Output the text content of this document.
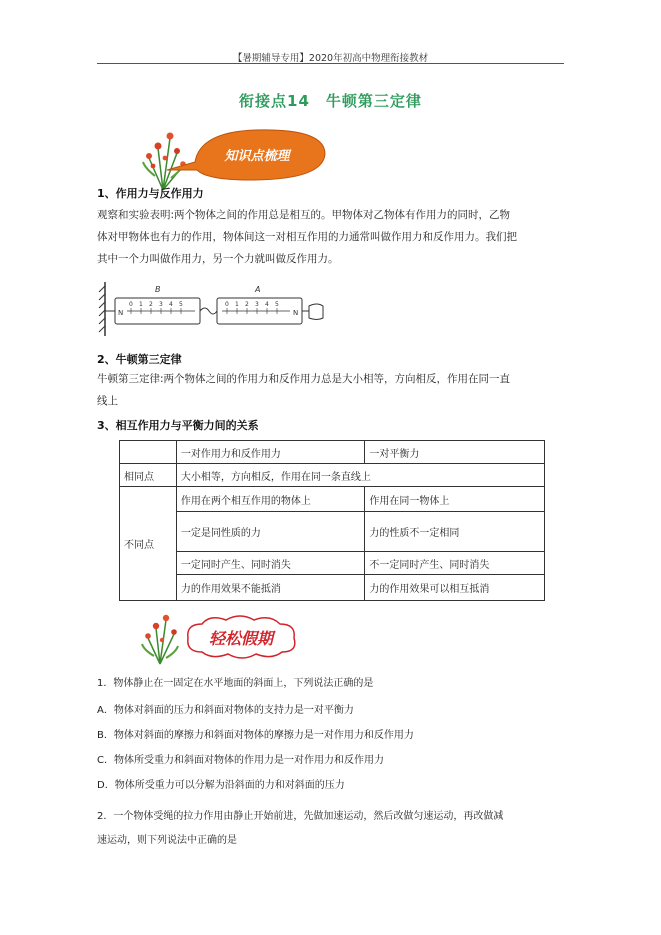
【暑期辅导专用】2020年初高中物理衔接教材
衔接点14　牛顿第三定律
知识点梳理
1、作用力与反作用力
观察和实验表明:两个物体之间的作用总是相互的。甲物体对乙物体有作用力的同时，乙物
体对甲物体也有力的作用，物体间这一对相互作用的力通常叫做作用力和反作用力。我们把
其中一个力叫做作用力，另一个力就叫做反作用力。
N
0 1 2 3 4 5
B
0 1 2 3 4 5
N
A
2、牛顿第三定律
牛顿第三定律:两个物体之间的作用力和反作用力总是大小相等，方向相反，作用在同一直
线上
3、相互作用力与平衡力间的关系
	一对作用力和反作用力	一对平衡力
相同点	大小相等，方向相反，作用在同一条直线上	
不同点	作用在两个相互作用的物体上	作用在同一物体上
	一定是同性质的力	力的性质不一定相同
	一定同时产生、同时消失	不一定同时产生、同时消失
	力的作用效果不能抵消	力的作用效果可以相互抵消
轻松假期
1．物体静止在一固定在水平地面的斜面上，下列说法正确的是
A．物体对斜面的压力和斜面对物体的支持力是一对平衡力
B．物体对斜面的摩擦力和斜面对物体的摩擦力是一对作用力和反作用力
C．物体所受重力和斜面对物体的作用力是一对作用力和反作用力
D．物体所受重力可以分解为沿斜面的力和对斜面的压力
2．一个物体受绳的拉力作用由静止开始前进，先做加速运动，然后改做匀速运动，再改做减
速运动，则下列说法中正确的是
